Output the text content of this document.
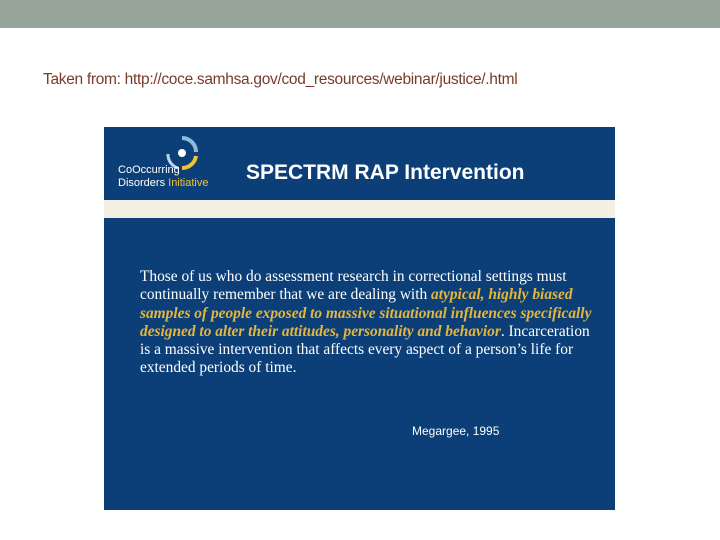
Taken from: http://coce.samhsa.gov/cod_resources/webinar/justice/.html
CoOccurring
Disorders Initiative	SPECTRM RAP Intervention
Those of us who do assessment research in correctional settings must continually remember that we are dealing with atypical, highly biased samples of people exposed to massive situational influences specifically designed to alter their attitudes, personality and behavior. Incarceration is a massive intervention that affects every aspect of a person’s life for extended periods of time.
Megargee, 1995
